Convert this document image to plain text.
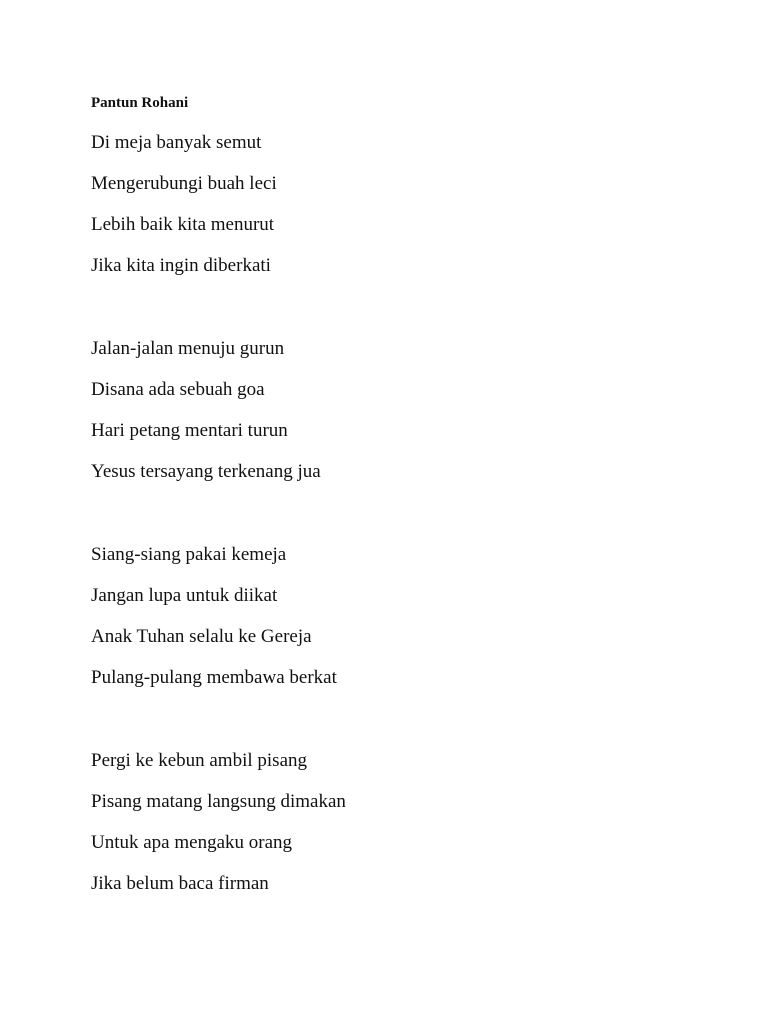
Pantun Rohani
Di meja banyak semut
Mengerubungi buah leci
Lebih baik kita menurut
Jika kita ingin diberkati
Jalan-jalan menuju gurun
Disana ada sebuah goa
Hari petang mentari turun
Yesus tersayang terkenang jua
Siang-siang pakai kemeja
Jangan lupa untuk diikat
Anak Tuhan selalu ke Gereja
Pulang-pulang membawa berkat
Pergi ke kebun ambil pisang
Pisang matang langsung dimakan
Untuk apa mengaku orang
Jika belum baca firman
